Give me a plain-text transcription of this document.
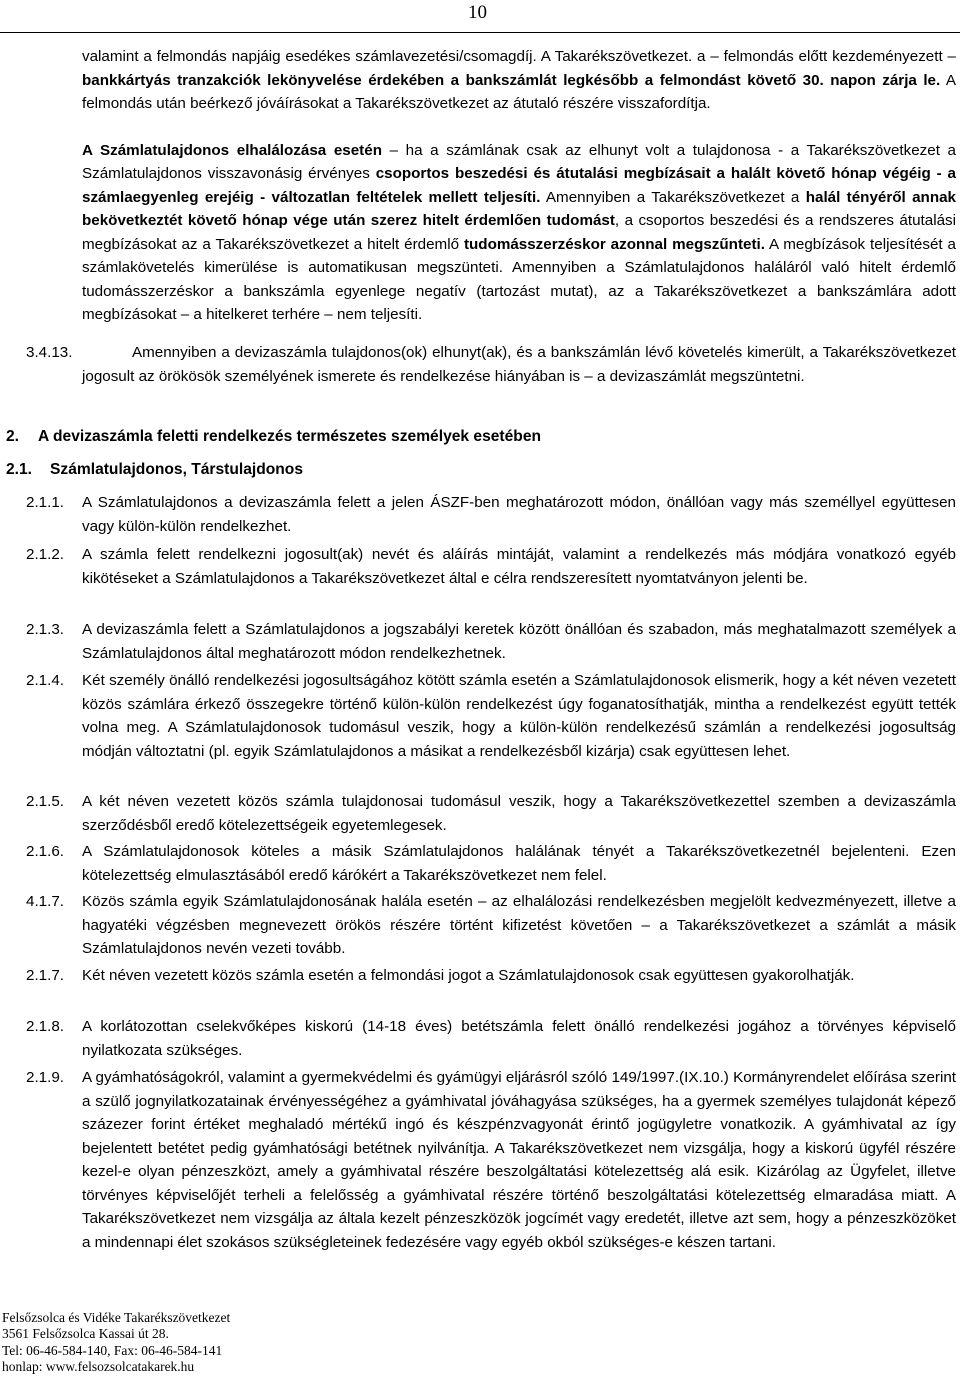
10

valamint a felmondás napjáig esedékes számlavezetési/csomagdíj. A Takarékszövetkezet. a – felmondás előtt kezdeményezett – bankkártyás tranzakciók lekönyvelése érdekében a bankszámlát legkésőbb a felmondást követő 30. napon zárja le. A felmondás után beérkező jóváírásokat a Takarékszövetkezet az átutaló részére visszafordítja.

A Számlatulajdonos elhalálozása esetén – ha a számlának csak az elhunyt volt a tulajdonosa - a Takarékszövetkezet a Számlatulajdonos visszavonásig érvényes csoportos beszedési és átutalási megbízásait a halált követő hónap végéig - a számlaegyenleg erejéig - változatlan feltételek mellett teljesíti. Amennyiben a Takarékszövetkezet a halál tényéről annak bekövetkeztét követő hónap vége után szerez hitelt érdemlően tudomást, a csoportos beszedési és a rendszeres átutalási megbízásokat az a Takarékszövetkezet a hitelt érdemlő tudomásszerzéskor azonnal megszűnteti. A megbízások teljesítését a számlakövetelés kimerülése is automatikusan megszünteti. Amennyiben a Számlatulajdonos haláláról való hitelt érdemlő tudomásszerzéskor a bankszámla egyenlege negatív (tartozást mutat), az a Takarékszövetkezet a bankszámlára adott megbízásokat – a hitelkeret terhére – nem teljesíti.

3.4.13.	Amennyiben a devizaszámla tulajdonos(ok) elhunyt(ak), és a bankszámlán lévő követelés kimerült, a Takarékszövetkezet jogosult az örökösök személyének ismerete és rendelkezése hiányában is – a devizaszámlát megszüntetni.
2. A devizaszámla feletti rendelkezés természetes személyek esetében
2.1. Számlatulajdonos, Társtulajdonos
2.1.1. A Számlatulajdonos a devizaszámla felett a jelen ÁSZF-ben meghatározott módon, önállóan vagy más személlyel együttesen vagy külön-külön rendelkezhet.
2.1.2. A számla felett rendelkezni jogosult(ak) nevét és aláírás mintáját, valamint a rendelkezés más módjára vonatkozó egyéb kikötéseket a Számlatulajdonos a Takarékszövetkezet által e célra rendszeresített nyomtatványon jelenti be.
2.1.3. A devizaszámla felett a Számlatulajdonos a jogszabályi keretek között önállóan és szabadon, más meghatalmazott személyek a Számlatulajdonos által meghatározott módon rendelkezhetnek.
2.1.4. Két személy önálló rendelkezési jogosultságához kötött számla esetén a Számlatulajdonosok elismerik, hogy a két néven vezetett közös számlára érkező összegekre történő külön-külön rendelkezést úgy foganatosíthatják, mintha a rendelkezést együtt tették volna meg. A Számlatulajdonosok tudomásul veszik, hogy a külön-külön rendelkezésű számlán a rendelkezési jogosultság módján változtatni (pl. egyik Számlatulajdonos a másikat a rendelkezésből kizárja) csak együttesen lehet.
2.1.5. A két néven vezetett közös számla tulajdonosai tudomásul veszik, hogy a Takarékszövetkezettel szemben a devizaszámla szerződésből eredő kötelezettségeik egyetemlegesek.
2.1.6. A Számlatulajdonosok köteles a másik Számlatulajdonos halálának tényét a Takarékszövetkezetnél bejelenteni. Ezen kötelezettség elmulasztásából eredő kárókért a Takarékszövetkezet nem felel.
4.1.7. Közös számla egyik Számlatulajdonosának halála esetén – az elhalálozási rendelkezésben megjelölt kedvezményezett, illetve a hagyatéki végzésben megnevezett örökös részére történt kifizetést követően – a Takarékszövetkezet a számlát a másik Számlatulajdonos nevén vezeti tovább.
2.1.7. Két néven vezetett közös számla esetén a felmondási jogot a Számlatulajdonosok csak együttesen gyakorolhatják.
2.1.8. A korlátozottan cselekvőképes kiskorú (14-18 éves) betétszámla felett önálló rendelkezési jogához a törvényes képviselő nyilatkozata szükséges.
2.1.9. A gyámhatóságokról, valamint a gyermekvédelmi és gyámügyi eljárásról szóló 149/1997.(IX.10.) Kormányrendelet előírása szerint a szülő jognyilatkozatainak érvényességéhez a gyámhivatal jóváhagyása szükséges, ha a gyermek személyes tulajdonát képező százezer forint értéket meghaladó mértékű ingó és készpénzvagyonát érintő jogügyletre vonatkozik. A gyámhivatal az így bejelentett betétet pedig gyámhatósági betétnek nyilvánítja. A Takarékszövetkezet nem vizsgálja, hogy a kiskorú ügyfél részére kezel-e olyan pénzeszközt, amely a gyámhivatal részére beszolgáltatási kötelezettség alá esik. Kizárólag az Ügyfelet, illetve törvényes képviselőjét terheli a felelősség a gyámhivatal részére történő beszolgáltatási kötelezettség elmaradása miatt. A Takarékszövetkezet nem vizsgálja az általa kezelt pénzeszközök jogcímét vagy eredetét, illetve azt sem, hogy a pénzeszközöket a mindennapi élet szokásos szükségleteinek fedezésére vagy egyéb okból szükséges-e készen tartani.
Felsőzsolca és Vidéke Takarékszövetkezet
3561 Felsőzsolca Kassai út 28.
Tel: 06-46-584-140, Fax: 06-46-584-141
honlap: www.felsozsolcatakarek.hu
